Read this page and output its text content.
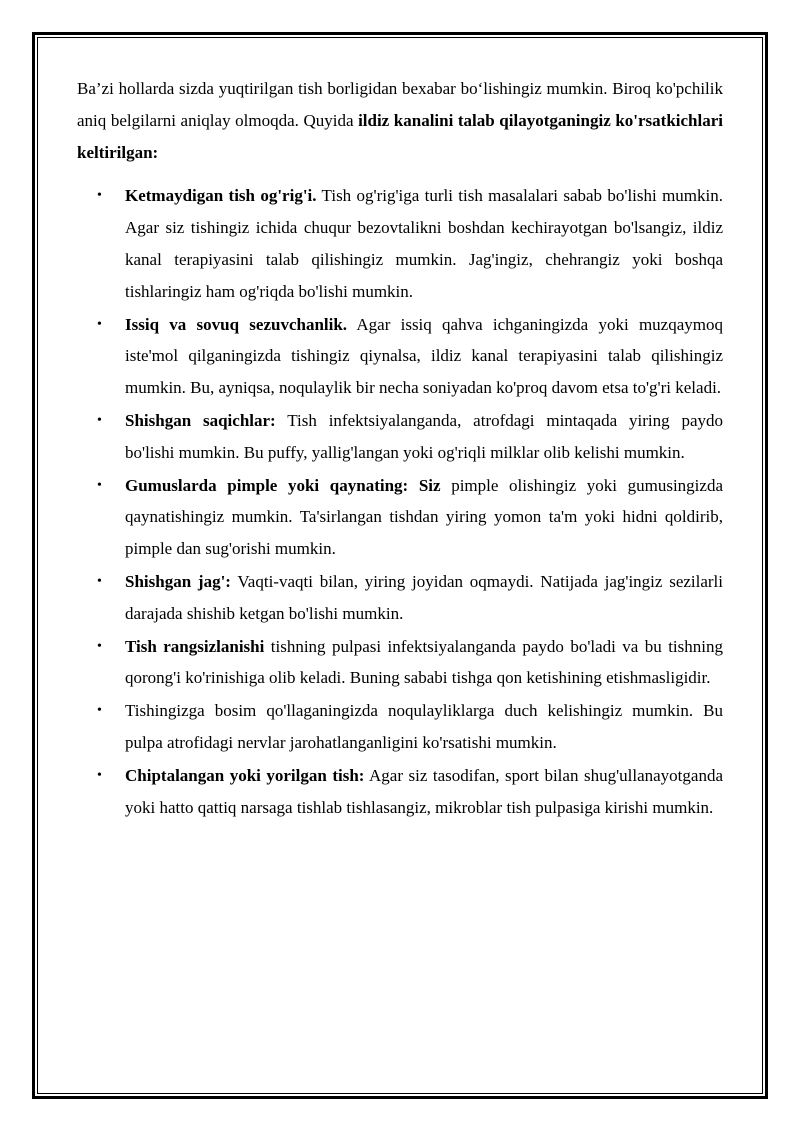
Ba’zi hollarda sizda yuqtirilgan tish borligidan bexabar bo‘lishingiz mumkin. Biroq ko'pchilik aniq belgilarni aniqlay olmoqda. Quyida ildiz kanalini talab qilayotganingiz ko'rsatkichlari keltirilgan:

• Ketmaydigan tish og'rig'i. Tish og'rig'iga turli tish masalalari sabab bo'lishi mumkin. Agar siz tishingiz ichida chuqur bezovtalikni boshdan kechirayotgan bo'lsangiz, ildiz kanal terapiyasini talab qilishingiz mumkin. Jag'ingiz, chehrangiz yoki boshqa tishlaringiz ham og'riqda bo'lishi mumkin.
• Issiq va sovuq sezuvchanlik. Agar issiq qahva ichganingizda yoki muzqaymoq iste'mol qilganingizda tishingiz qiynalsa, ildiz kanal terapiyasini talab qilishingiz mumkin. Bu, ayniqsa, noqulaylik bir necha soniyadan ko'proq davom etsa to'g'ri keladi.
• Shishgan saqichlar: Tish infektsiyalanganda, atrofdagi mintaqada yiring paydo bo'lishi mumkin. Bu puffy, yallig'langan yoki og'riqli milklar olib kelishi mumkin.
• Gumuslarda pimple yoki qaynating: Siz pimple olishingiz yoki gumusingizda qaynatishingiz mumkin. Ta'sirlangan tishdan yiring yomon ta'm yoki hidni qoldirib, pimple dan sug'orishi mumkin.
• Shishgan jag': Vaqti-vaqti bilan, yiring joyidan oqmaydi. Natijada jag'ingiz sezilarli darajada shishib ketgan bo'lishi mumkin.
• Tish rangsizlanishi tishning pulpasi infektsiyalanganda paydo bo'ladi va bu tishning qorong'i ko'rinishiga olib keladi. Buning sababi tishga qon ketishining etishmasligidir.
• Tishingizga bosim qo'llaganingizda noqulayliklarga duch kelishingiz mumkin. Bu pulpa atrofidagi nervlar jarohatlanganligini ko'rsatishi mumkin.
• Chiptalangan yoki yorilgan tish: Agar siz tasodifan, sport bilan shug'ullanayotganda yoki hatto qattiq narsaga tishlab tishlasangiz, mikroblar tish pulpasiga kirishi mumkin.
